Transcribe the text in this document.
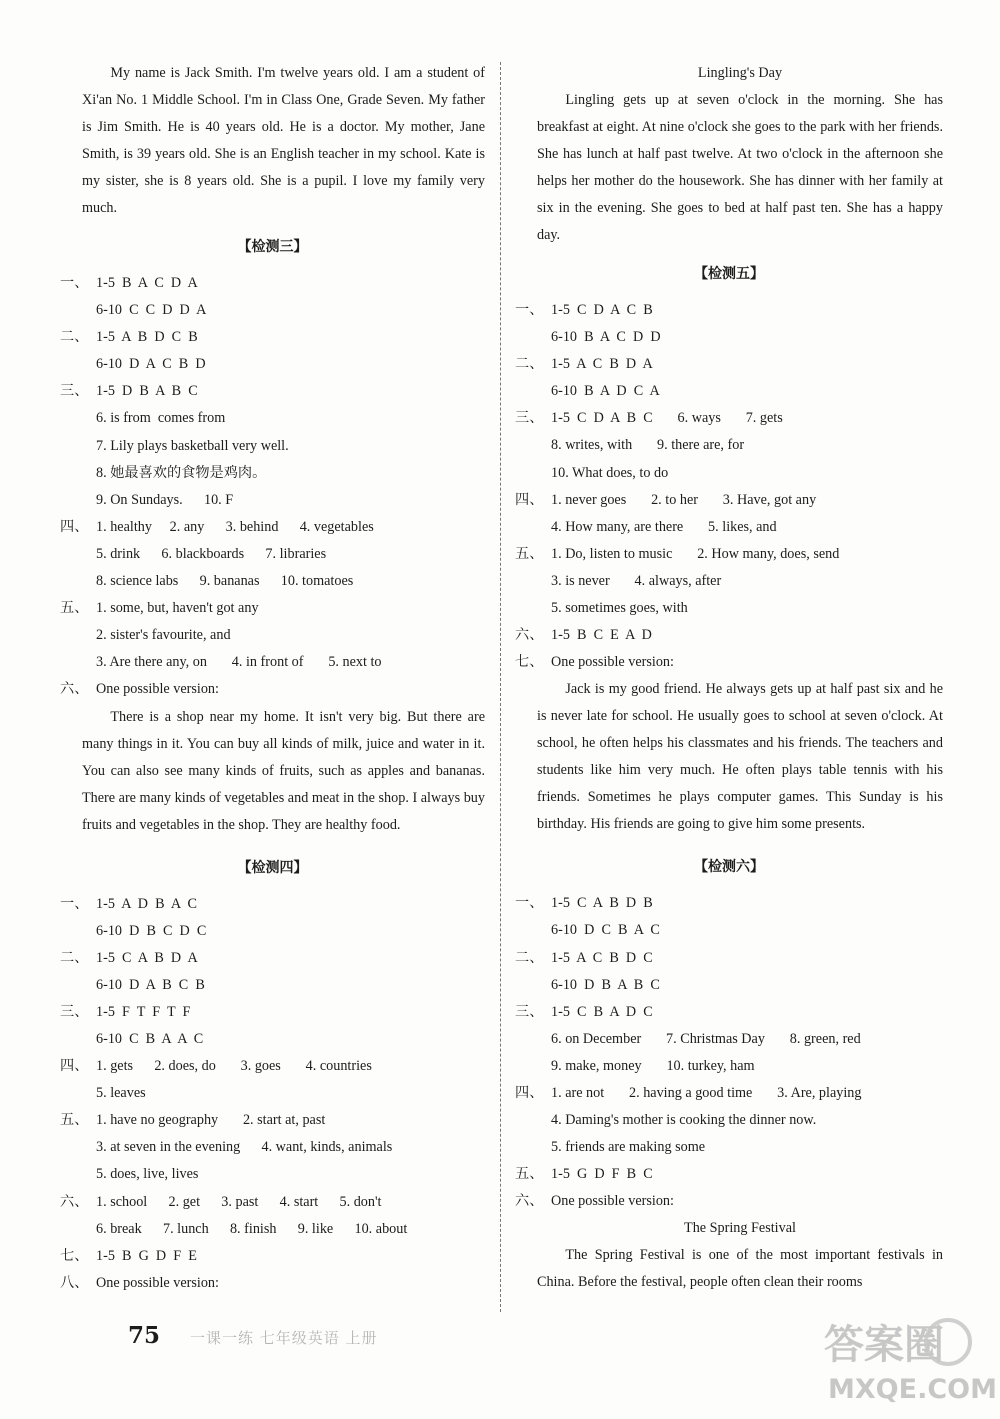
My name is Jack Smith. I'm twelve years old. I am a student of Xi'an No. 1 Middle School. I'm in Class One, Grade Seven. My father is Jim Smith. He is 40 years old. He is a doctor. My mother, Jane Smith, is 39 years old. She is an English teacher in my school. Kate is my sister, she is 8 years old. She is a pupil. I love my family very much.

【检测三】
一、 1-5  B  A  C  D  A
6-10  C  C  D  D  A
二、 1-5  A  B  D  C  B
6-10  D  A  C  B  D
三、 1-5  D  B  A  B  C
6. is from  comes from
7. Lily plays basketball very well.
8. 她最喜欢的食物是鸡肉。
9. On Sundays.      10. F
四、 1. healthy     2. any      3. behind      4. vegetables
5. drink      6. blackboards      7. libraries
8. science labs      9. bananas      10. tomatoes
五、 1. some, but, haven't got any
2. sister's favourite, and
3. Are there any, on       4. in front of       5. next to
六、 One possible version:

There is a shop near my home. It isn't very big. But there are many things in it. You can buy all kinds of milk, juice and water in it. You can also see many kinds of fruits, such as apples and bananas. There are many kinds of vegetables and meat in the shop. I always buy fruits and vegetables in the shop. They are healthy food.

【检测四】
一、 1-5  A  D  B  A  C
6-10  D  B  C  D  C
二、 1-5  C  A  B  D  A
6-10  D  A  B  C  B
三、 1-5  F  T  F  T  F
6-10  C  B  A  A  C
四、 1. gets      2. does, do       3. goes       4. countries
5. leaves
五、 1. have no geography       2. start at, past
3. at seven in the evening      4. want, kinds, animals
5. does, live, lives
六、 1. school      2. get      3. past      4. start      5. don't
6. break      7. lunch      8. finish      9. like      10. about
七、 1-5  B  G  D  F  E
八、 One possible version:
Lingling's Day

Lingling gets up at seven o'clock in the morning. She has breakfast at eight. At nine o'clock she goes to the park with her friends. She has lunch at half past twelve. At two o'clock in the afternoon she helps her mother do the housework. She has dinner with her family at six in the evening. She goes to bed at half past ten. She has a happy day.

【检测五】
一、 1-5  C  D  A  C  B
6-10  B  A  C  D  D
二、 1-5  A  C  B  D  A
6-10  B  A  D  C  A
三、 1-5  C  D  A  B  C       6. ways       7. gets
8. writes, with       9. there are, for
10. What does, to do
四、 1. never goes       2. to her       3. Have, got any
4. How many, are there       5. likes, and
五、 1. Do, listen to music       2. How many, does, send
3. is never       4. always, after
5. sometimes goes, with
六、 1-5  B  C  E  A  D
七、 One possible version:

Jack is my good friend. He always gets up at half past six and he is never late for school. He usually goes to school at seven o'clock. At school, he often helps his classmates and his friends. The teachers and students like him very much. He often plays table tennis with his friends. Sometimes he plays computer games. This Sunday is his birthday. His friends are going to give him some presents.

【检测六】
一、 1-5  C  A  B  D  B
6-10  D  C  B  A  C
二、 1-5  A  C  B  D  C
6-10  D  B  A  B  C
三、 1-5  C  B  A  D  C
6. on December       7. Christmas Day       8. green, red
9. make, money       10. turkey, ham
四、 1. are not       2. having a good time       3. Are, playing
4. Daming's mother is cooking the dinner now.
5. friends are making some
五、 1-5  G  D  F  B  C
六、 One possible version:
The Spring Festival

The Spring Festival is one of the most important festivals in China. Before the festival, people often clean their rooms

75 一课一练 七年级英语 上册	答案圈
MXQE.COM
